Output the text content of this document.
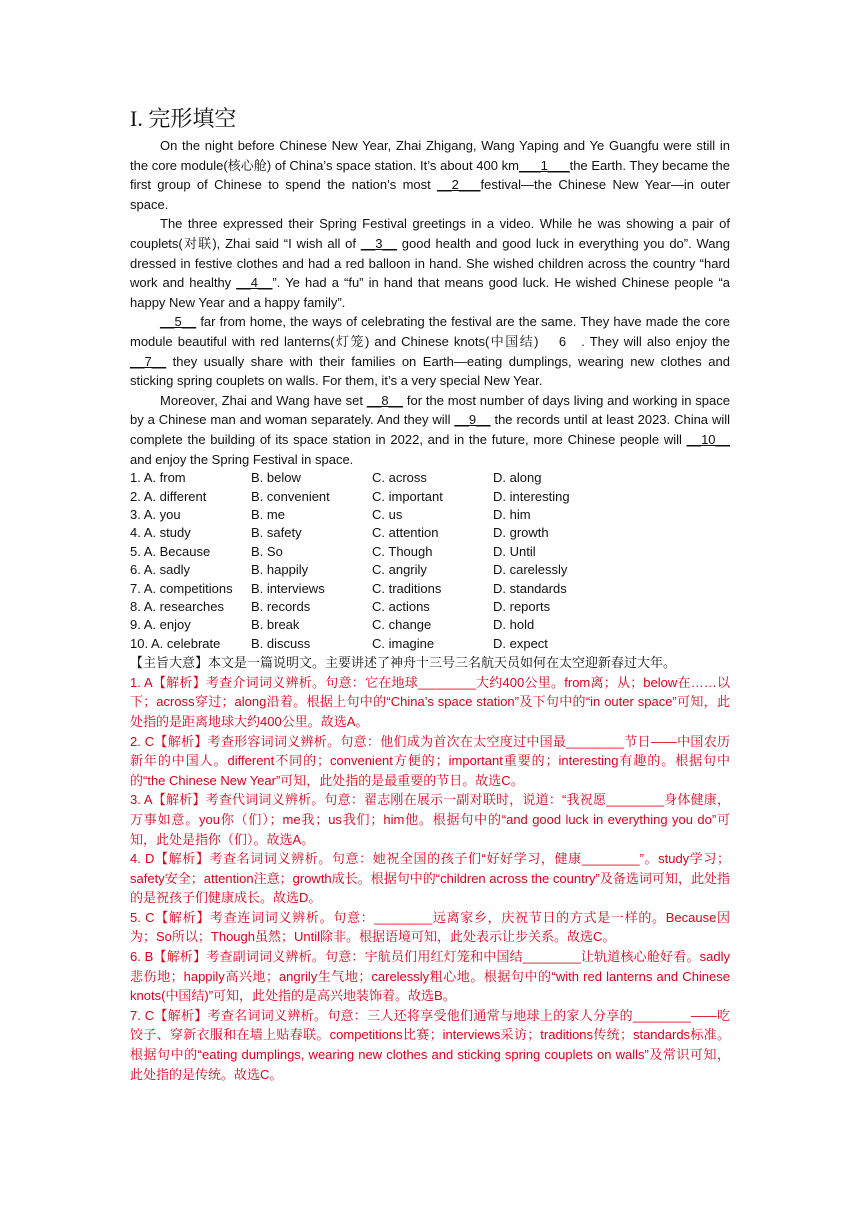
I. 完形填空

On the night before Chinese New Year, Zhai Zhigang, Wang Yaping and Ye Guangfu were still in the core module(核心舱) of China’s space station. It’s about 400 km___1___the Earth. They became the first group of Chinese to spend the nation’s most __2___festival—the Chinese New Year—in outer space.

The three expressed their Spring Festival greetings in a video. While he was showing a pair of couplets(对联), Zhai said “I wish all of __3__ good health and good luck in everything you do”. Wang dressed in festive clothes and had a red balloon in hand. She wished children across the country “hard work and healthy __4__”. Ye had a “fu” in hand that means good luck. He wished Chinese people “a happy New Year and a happy family”.

__5__ far from home, the ways of celebrating the festival are the same. They have made the core module beautiful with red lanterns(灯笼) and Chinese knots(中国结)    6   . They will also enjoy the __7__ they usually share with their families on Earth—eating dumplings, wearing new clothes and sticking spring couplets on walls. For them, it’s a very special New Year.

Moreover, Zhai and Wang have set __8__ for the most number of days living and working in space by a Chinese man and woman separately. And they will __9__ the records until at least 2023. China will complete the building of its space station in 2022, and in the future, more Chinese people will __10__ and enjoy the Spring Festival in space.

1. A. from	B. below	C. across	D. along
2. A. different	B. convenient	C. important	D. interesting
3. A. you	B. me	C. us	D. him
4. A. study	B. safety	C. attention	D. growth
5. A. Because	B. So	C. Though	D. Until
6. A. sadly	B. happily	C. angrily	D. carelessly
7. A. competitions	B. interviews	C. traditions	D. standards
8. A. researches	B. records	C. actions	D. reports
9. A. enjoy	B. break	C. change	D. hold
10. A. celebrate	B. discuss	C. imagine	D. expect

【主旨大意】本文是一篇说明文。主要讲述了神舟十三号三名航天员如何在太空迎新春过大年。

1. A【解析】考查介词词义辨析。句意：它在地球________大约400公里。from离；从；below在……以下；across穿过；along沿着。根据上句中的“China’s space station”及下句中的“in outer space”可知，此处指的是距离地球大约400公里。故选A。

2. C【解析】考查形容词词义辨析。句意：他们成为首次在太空度过中国最________节日——中国农历新年的中国人。different不同的；convenient方便的；important重要的；interesting有趣的。根据句中的“the Chinese New Year”可知，此处指的是最重要的节日。故选C。

3. A【解析】考查代词词义辨析。句意：翟志刚在展示一副对联时，说道：“我祝愿________身体健康，万事如意。you你（们）；me我；us我们；him他。根据句中的“and good luck in everything you do”可知，此处是指你（们）。故选A。

4. D【解析】考查名词词义辨析。句意：她祝全国的孩子们“好好学习，健康________”。study学习；safety安全；attention注意；growth成长。根据句中的“children across the country”及备选词可知，此处指的是祝孩子们健康成长。故选D。

5. C【解析】考查连词词义辨析。句意：________远离家乡，庆祝节日的方式是一样的。Because因为；So所以；Though虽然；Until除非。根据语境可知，此处表示让步关系。故选C。

6. B【解析】考查副词词义辨析。句意：宇航员们用红灯笼和中国结________让轨道核心舱好看。sadly悲伤地；happily高兴地；angrily生气地；carelessly粗心地。根据句中的“with red lanterns and Chinese knots(中国结)”可知，此处指的是高兴地装饰着。故选B。

7. C【解析】考查名词词义辨析。句意：三人还将享受他们通常与地球上的家人分享的________——吃饺子、穿新衣服和在墙上贴春联。competitions比赛；interviews采访；traditions传统；standards标准。根据句中的“eating dumplings, wearing new clothes and sticking spring couplets on walls”及常识可知，此处指的是传统。故选C。
